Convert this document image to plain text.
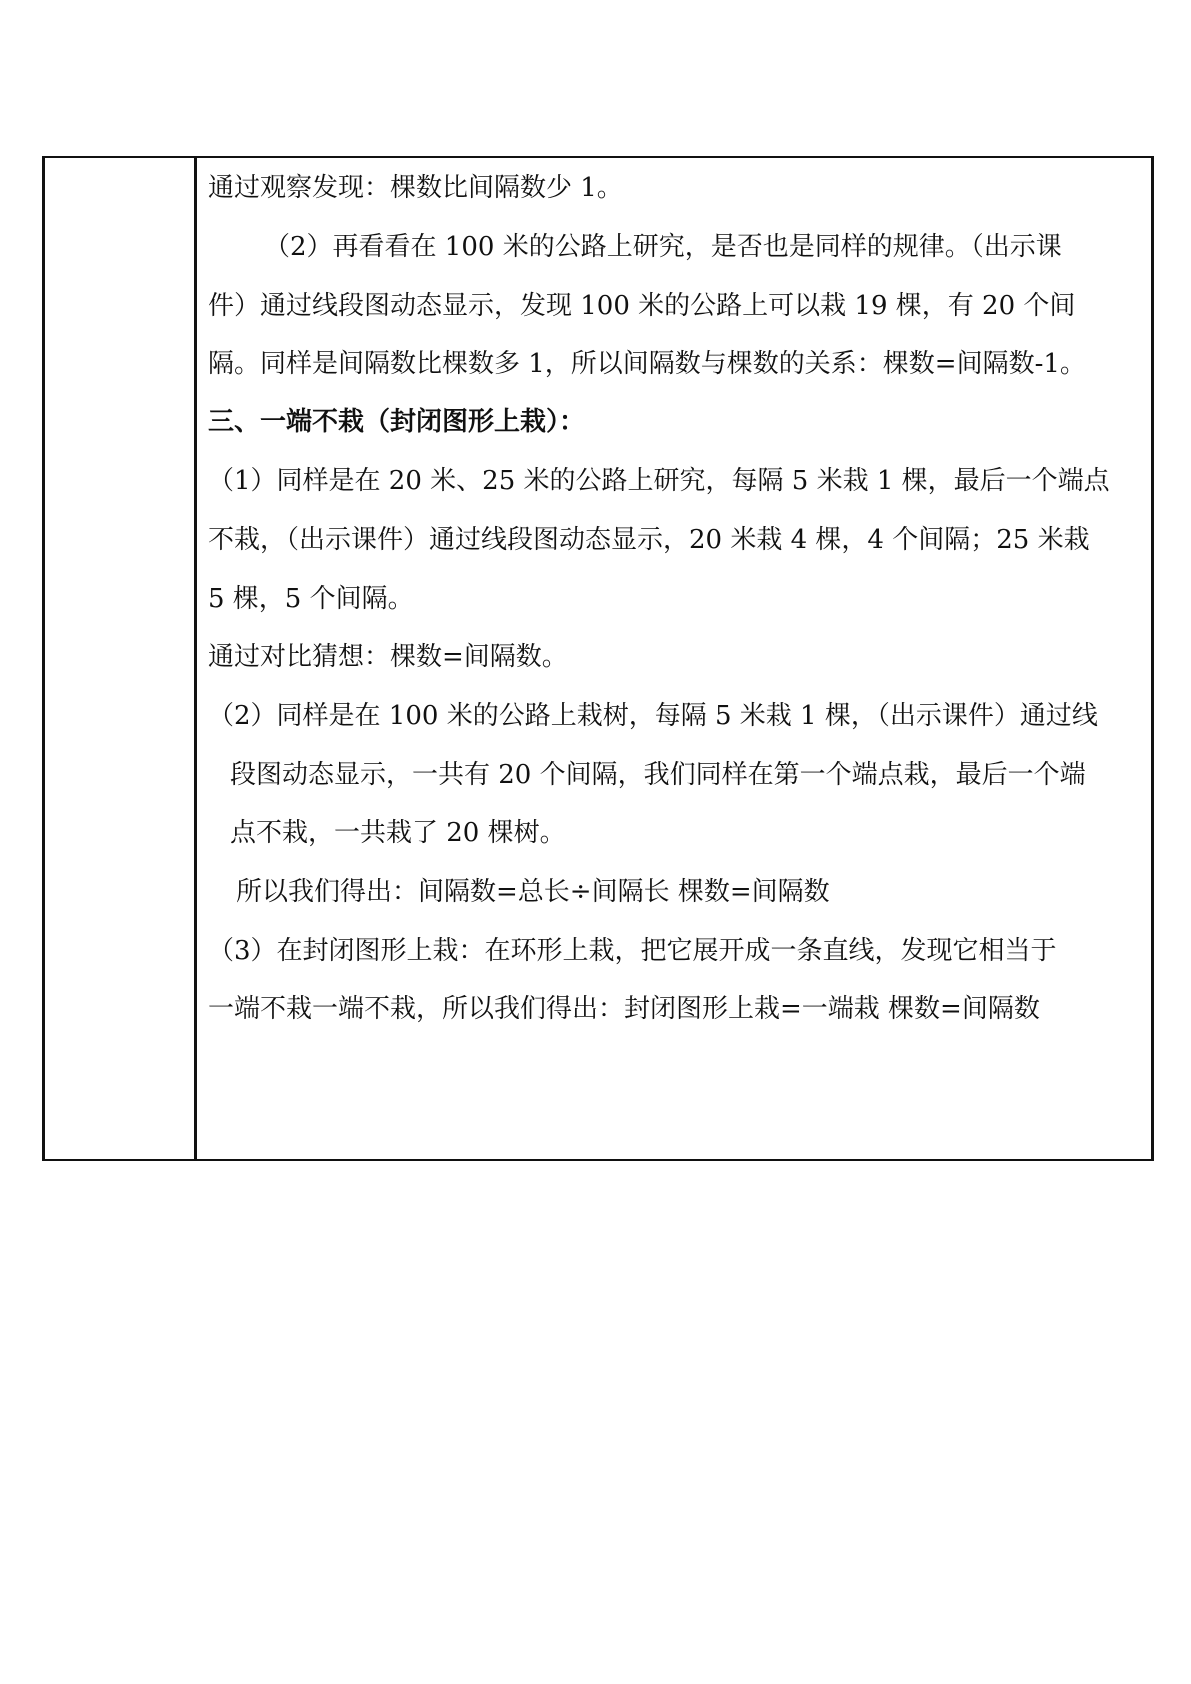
通过观察发现：棵数比间隔数少 1。
（2）再看看在 100 米的公路上研究，是否也是同样的规律。（出示课
件）通过线段图动态显示，发现 100 米的公路上可以栽 19 棵，有 20 个间
隔。同样是间隔数比棵数多 1，所以间隔数与棵数的关系：棵数=间隔数-1。
三、一端不栽（封闭图形上栽）：
（1）同样是在 20 米、25 米的公路上研究，每隔 5 米栽 1 棵，最后一个端点
不栽，（出示课件）通过线段图动态显示，20 米栽 4 棵，4 个间隔；25 米栽
5 棵，5 个间隔。
通过对比猜想：棵数=间隔数。
（2）同样是在 100 米的公路上栽树，每隔 5 米栽 1 棵，（出示课件）通过线
段图动态显示，一共有 20 个间隔，我们同样在第一个端点栽，最后一个端
点不栽，一共栽了 20 棵树。
所以我们得出：间隔数=总长÷间隔长 棵数=间隔数
（3）在封闭图形上栽：在环形上栽，把它展开成一条直线，发现它相当于
一端不栽一端不栽，所以我们得出：封闭图形上栽=一端栽 棵数=间隔数
